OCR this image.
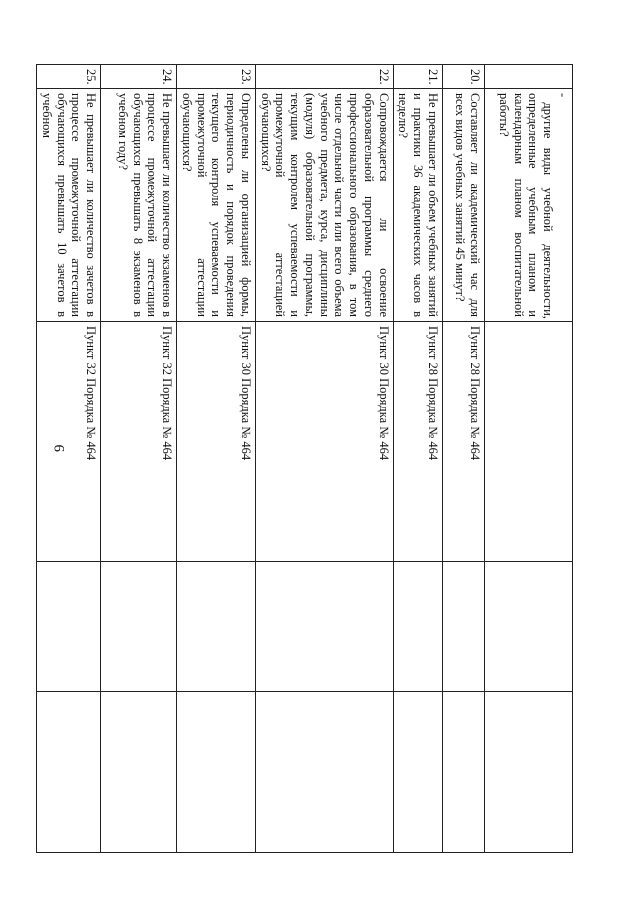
9
	-   другие   виды    учебной    деятельности, определенные учебным планом и календарным планом воспитательной работы?			
20.	Составляет ли академический час для всех видов учебных занятий 45 минут?	Пункт 28 Порядка № 464		
21.	Не превышает ли объем учебных занятий и практики 36 академических часов в неделю?	Пункт 28 Порядка № 464		
22.	Сопровождается ли освоение образовательной программы среднего профессионального образования, в том числе отдельной части или всего объема учебного предмета, курса, дисциплины (модуля) образовательной программы, текущим контролем успеваемости и промежуточной аттестацией обучающихся?	Пункт 30 Порядка № 464		
23.	Определены ли организацией формы, периодичность и порядок проведения текущего контроля успеваемости и промежуточной аттестации обучающихся?	Пункт 30 Порядка № 464		
24.	Не превышает ли количество экзаменов в процессе промежуточной аттестации обучающихся превышать 8 экзаменов в учебном году?	Пункт 32 Порядка № 464		
25.	Не превышает ли количество зачетов в процессе промежуточной аттестации обучающихся превышать 10 зачетов в учебном	Пункт 32 Порядка № 464		
